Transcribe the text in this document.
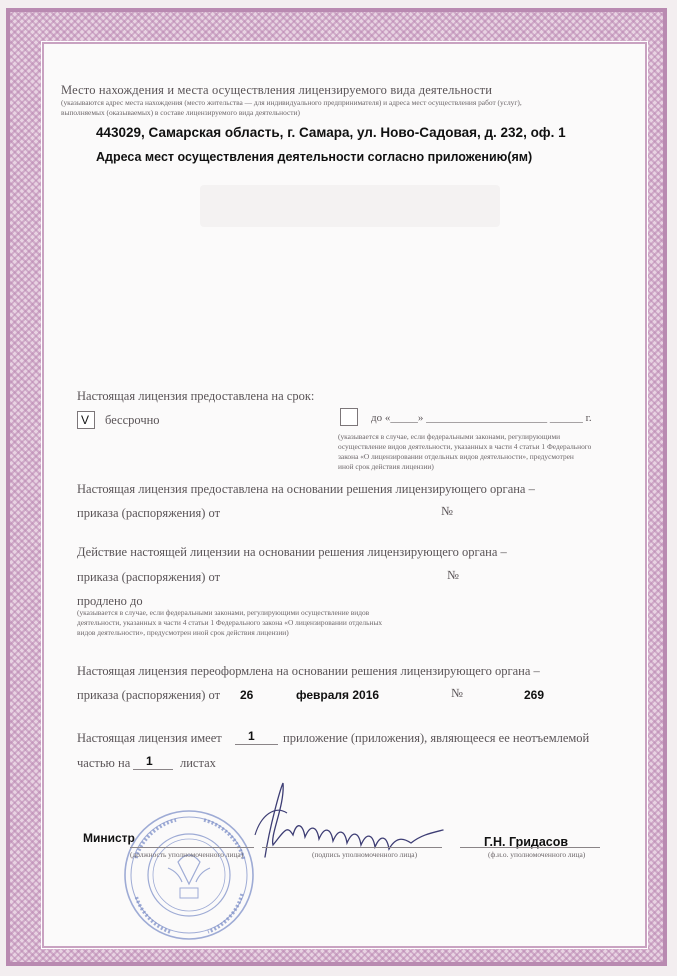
Место нахождения и места осуществления лицензируемого вида деятельности
(указываются адрес места нахождения (место жительства — для индивидуального предпринимателя) и адреса мест осуществления работ (услуг),
выполняемых (оказываемых) в составе лицензируемого вида деятельности)
443029, Самарская область, г. Самара, ул. Ново-Садовая, д. 232, оф. 1
Адреса мест осуществления деятельности согласно приложению(ям)
Настоящая лицензия предоставлена на срок:
V бессрочно	до «_____» ______________________ ______ г.
(указывается в случае, если федеральными законами, регулирующими
осуществление видов деятельности, указанных в части 4 статьи 1 Федерального
закона «О лицензировании отдельных видов деятельности», предусмотрен
иной срок действия лицензии)
Настоящая лицензия предоставлена на основании решения лицензирующего органа –
приказа (распоряжения) от	№
Действие настоящей лицензии на основании решения лицензирующего органа –
приказа (распоряжения) от	№
продлено до
(указывается в случае, если федеральными законами, регулирующими осуществление видов
деятельности, указанных в части 4 статьи 1 Федерального закона «О лицензировании отдельных
видов деятельности», предусмотрен иной срок действия лицензии)
Настоящая лицензия переоформлена на основании решения лицензирующего органа –
приказа (распоряжения) от 26	февраля 2016	№	269
Настоящая лицензия имеет 1 приложение (приложения), являющееся ее неотъемлемой
частью на 1 листах
Министр
(должность уполномоченного лица)	(подпись уполномоченного лица)
Г.Н. Гридасов
(ф.и.о. уполномоченного лица)
